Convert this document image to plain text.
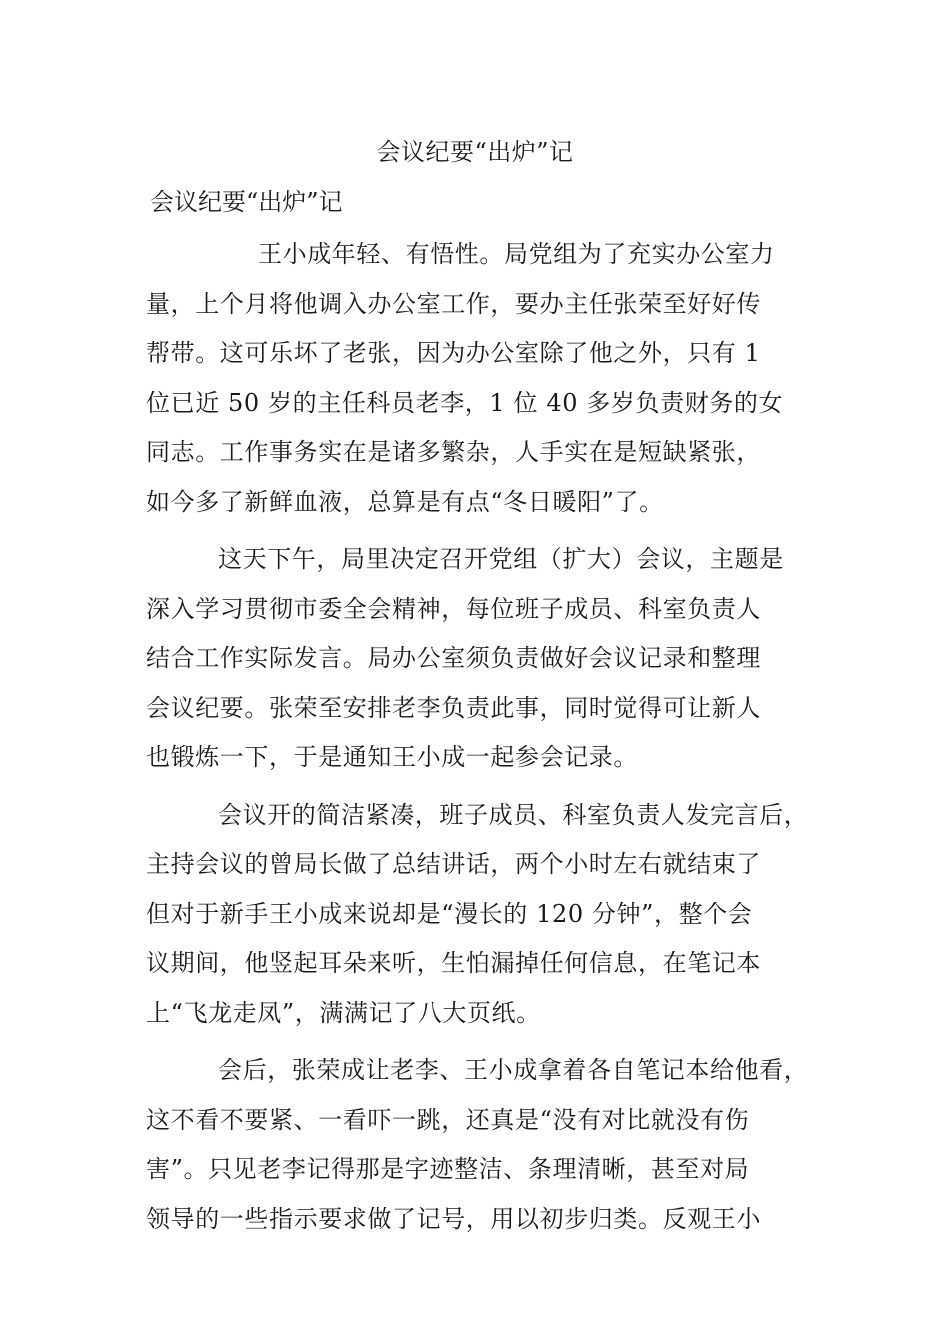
会议纪要“出炉”记
会议纪要“出炉”记
王小成年轻、有悟性。局党组为了充实办公室力
量，上个月将他调入办公室工作，要办主任张荣至好好传
帮带。这可乐坏了老张，因为办公室除了他之外，只有 1
位已近 50 岁的主任科员老李，1 位 40 多岁负责财务的女
同志。工作事务实在是诸多繁杂，人手实在是短缺紧张，
如今多了新鲜血液，总算是有点“冬日暖阳”了。
这天下午，局里决定召开党组（扩大）会议，主题是
深入学习贯彻市委全会精神，每位班子成员、科室负责人
结合工作实际发言。局办公室须负责做好会议记录和整理
会议纪要。张荣至安排老李负责此事，同时觉得可让新人
也锻炼一下，于是通知王小成一起参会记录。
会议开的简洁紧凑，班子成员、科室负责人发完言后，
主持会议的曾局长做了总结讲话，两个小时左右就结束了
但对于新手王小成来说却是“漫长的 120 分钟”，整个会
议期间，他竖起耳朵来听，生怕漏掉任何信息，在笔记本
上“飞龙走凤”，满满记了八大页纸。
会后，张荣成让老李、王小成拿着各自笔记本给他看，
这不看不要紧、一看吓一跳，还真是“没有对比就没有伤
害”。只见老李记得那是字迹整洁、条理清晰，甚至对局
领导的一些指示要求做了记号，用以初步归类。反观王小
